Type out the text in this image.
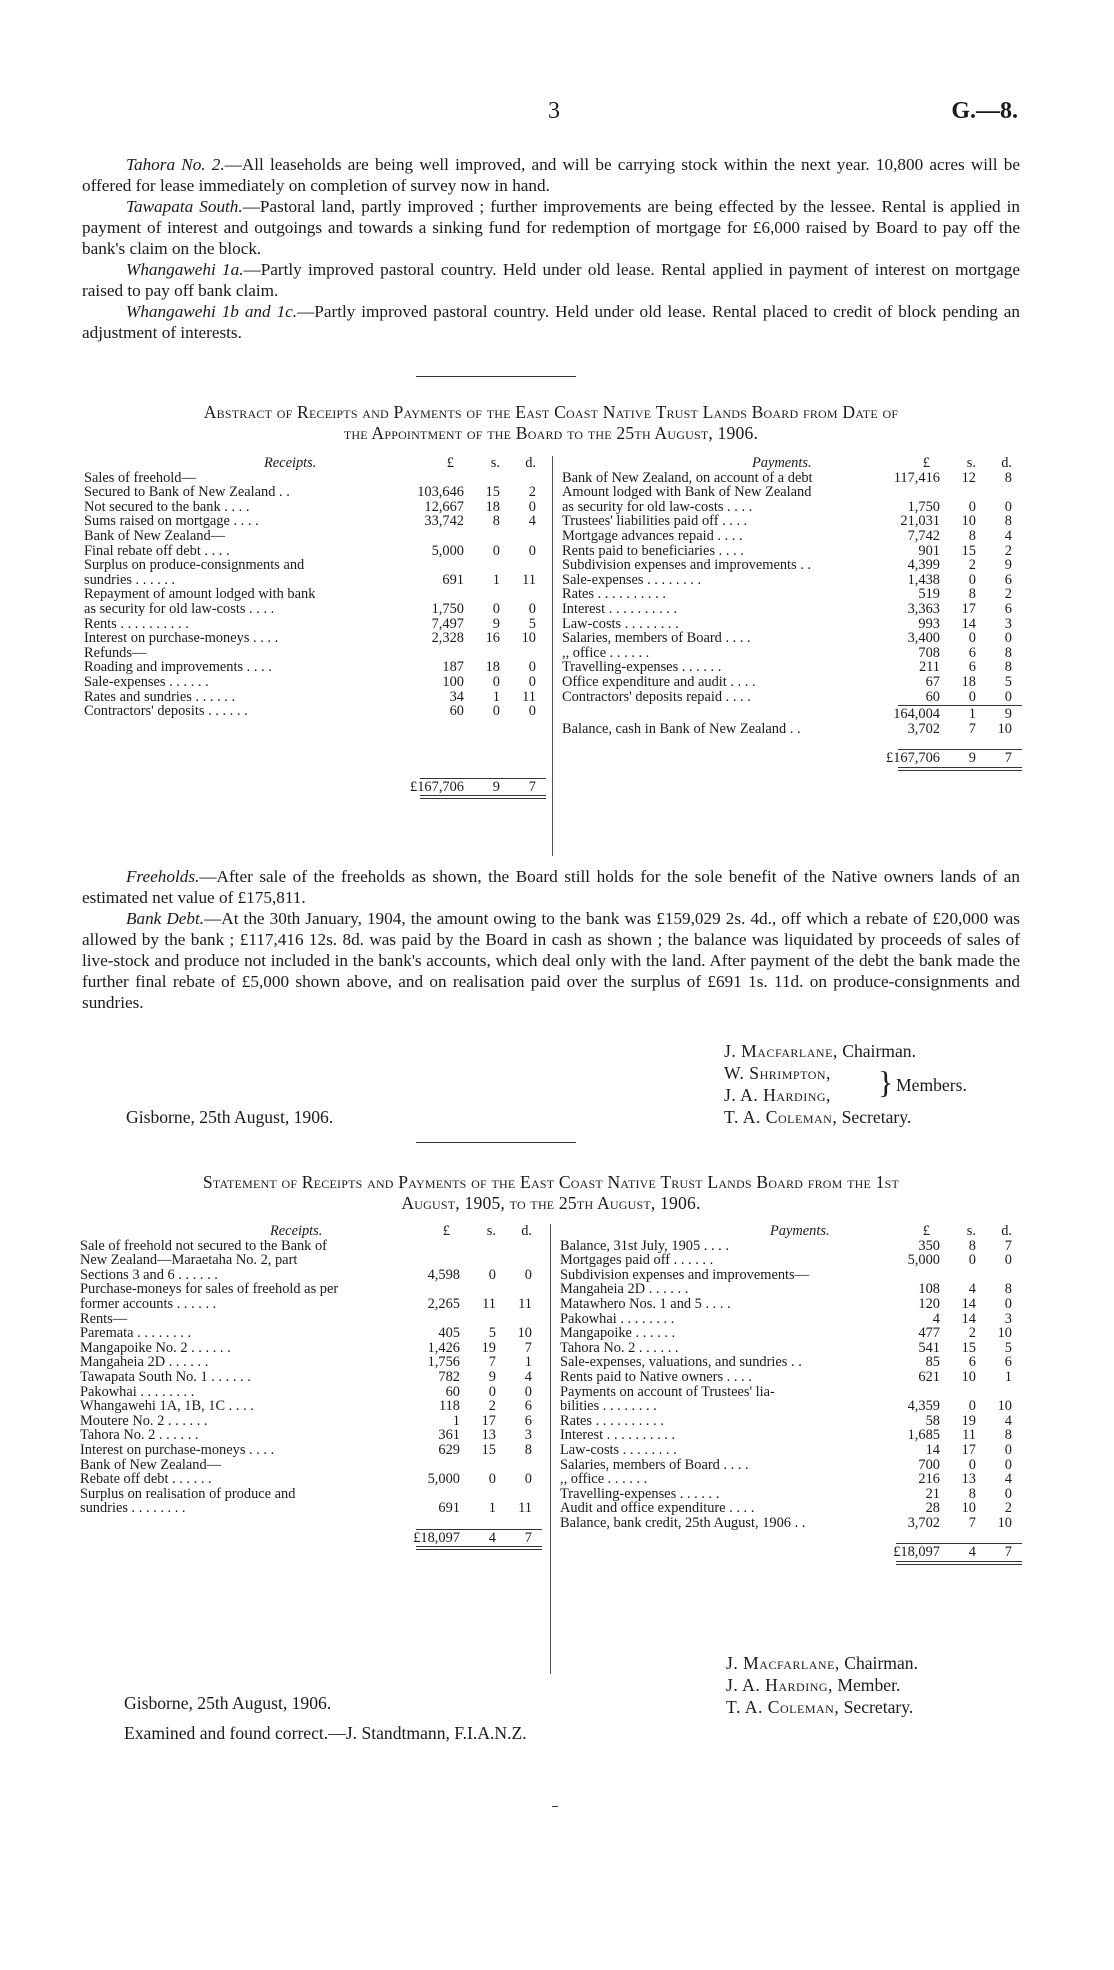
3	G.—8.

Tahora No. 2.—All leaseholds are being well improved, and will be carrying stock within the next year. 10,800 acres will be offered for lease immediately on completion of survey now in hand.

Tawapata South.—Pastoral land, partly improved ; further improvements are being effected by the lessee. Rental is applied in payment of interest and outgoings and towards a sinking fund for redemption of mortgage for £6,000 raised by Board to pay off the bank's claim on the block.

Whangawehi 1a.—Partly improved pastoral country. Held under old lease. Rental applied in payment of interest on mortgage raised to pay off bank claim.

Whangawehi 1b and 1c.—Partly improved pastoral country. Held under old lease. Rental placed to credit of block pending an adjustment of interests.

Abstract of Receipts and Payments of the East Coast Native Trust Lands Board from Date of
the Appointment of the Board to the 25th August, 1906.
Receipts.	£	s. d.
Sales of freehold—
Secured to Bank of New Zealand . .	103,646 15 2
Not secured to the bank . . . .	12,667 18 0
Sums raised on mortgage . . . .	33,742 8 4
Bank of New Zealand—
Final rebate off debt . . . .	5,000 0 0
Surplus on produce-consignments and
sundries . . . . . .	691 1 11
Repayment of amount lodged with bank
as security for old law-costs . . . .	1,750 0 0
Rents . . . . . . . . . .	7,497 9 5
Interest on purchase-moneys . . . .	2,328 16 10
Refunds—
Roading and improvements . . . .	187 18 0
Sale-expenses . . . . . .	100 0 0
Rates and sundries . . . . . .	34 1 11
Contractors' deposits . . . . . .	60 0 0
£167,706 9 7
Payments.	£	s. d.
Bank of New Zealand, on account of a debt	117,416 12 8
Amount lodged with Bank of New Zealand
as security for old law-costs . . . .	1,750 0 0
Trustees' liabilities paid off . . . .	21,031 10 8
Mortgage advances repaid . . . .	7,742 8 4
Rents paid to beneficiaries . . . .	901 15 2
Subdivision expenses and improvements . .	4,399 2 9
Sale-expenses . . . . . . . .	1,438 0 6
Rates . . . . . . . . . .	519 8 2
Interest . . . . . . . . . .	3,363 17 6
Law-costs . . . . . . . .	993 14 3
Salaries, members of Board . . . .	3,400 0 0
,, office . . . . . .	708 6 8
Travelling-expenses . . . . . .	211 6 8
Office expenditure and audit . . . .	67 18 5
Contractors' deposits repaid . . . .	60 0 0
164,004 1 9
Balance, cash in Bank of New Zealand . .	3,702 7 10
£167,706 9 7

Freeholds.—After sale of the freeholds as shown, the Board still holds for the sole benefit of the Native owners lands of an estimated net value of £175,811.

Bank Debt.—At the 30th January, 1904, the amount owing to the bank was £159,029 2s. 4d., off which a rebate of £20,000 was allowed by the bank ; £117,416 12s. 8d. was paid by the Board in cash as shown ; the balance was liquidated by proceeds of sales of live-stock and produce not included in the bank's accounts, which deal only with the land. After payment of the debt the bank made the further final rebate of £5,000 shown above, and on realisation paid over the surplus of £691 1s. 11d. on produce-consignments and sundries.

J. Macfarlane, Chairman.
W. Shrimpton,
J. A. Harding,	} Members.
T. A. Coleman, Secretary.
Gisborne, 25th August, 1906.
Statement of Receipts and Payments of the East Coast Native Trust Lands Board from the 1st
August, 1905, to the 25th August, 1906.
Receipts.	£	s. d.
Sale of freehold not secured to the Bank of
New Zealand—Maraetaha No. 2, part
Sections 3 and 6 . . . . . .	4,598 0 0
Purchase-moneys for sales of freehold as per
former accounts . . . . . .	2,265 11 11
Rents—
Paremata . . . . . . . .	405 5 10
Mangapoike No. 2 . . . . . .	1,426 19 7
Mangaheia 2D . . . . . .	1,756 7 1
Tawapata South No. 1 . . . . . .	782 9 4
Pakowhai . . . . . . . .	60 0 0
Whangawehi 1A, 1B, 1C . . . .	118 2 6
Moutere No. 2 . . . . . .	1 17 6
Tahora No. 2 . . . . . .	361 13 3
Interest on purchase-moneys . . . .	629 15 8
Bank of New Zealand—
Rebate off debt . . . . . .	5,000 0 0
Surplus on realisation of produce and
sundries . . . . . . . .	691 1 11
£18,097 4 7
Payments.	£	s. d.
Balance, 31st July, 1905 . . . .	350 8 7
Mortgages paid off . . . . . .	5,000 0 0
Subdivision expenses and improvements—
Mangaheia 2D . . . . . .	108 4 8
Matawhero Nos. 1 and 5 . . . .	120 14 0
Pakowhai . . . . . . . .	4 14 3
Mangapoike . . . . . .	477 2 10
Tahora No. 2 . . . . . .	541 15 5
Sale-expenses, valuations, and sundries . .	85 6 6
Rents paid to Native owners . . . .	621 10 1
Payments on account of Trustees' lia-
bilities . . . . . . . .	4,359 0 10
Rates . . . . . . . . . .	58 19 4
Interest . . . . . . . . . .	1,685 11 8
Law-costs . . . . . . . .	14 17 0
Salaries, members of Board . . . .	700 0 0
,, office . . . . . .	216 13 4
Travelling-expenses . . . . . .	21 8 0
Audit and office expenditure . . . .	28 10 2
Balance, bank credit, 25th August, 1906 . .	3,702 7 10
£18,097 4 7
J. Macfarlane, Chairman.
J. A. Harding, Member.
T. A. Coleman, Secretary.
Gisborne, 25th August, 1906.
Examined and found correct.—J. Standtmann, F.I.A.N.Z.
